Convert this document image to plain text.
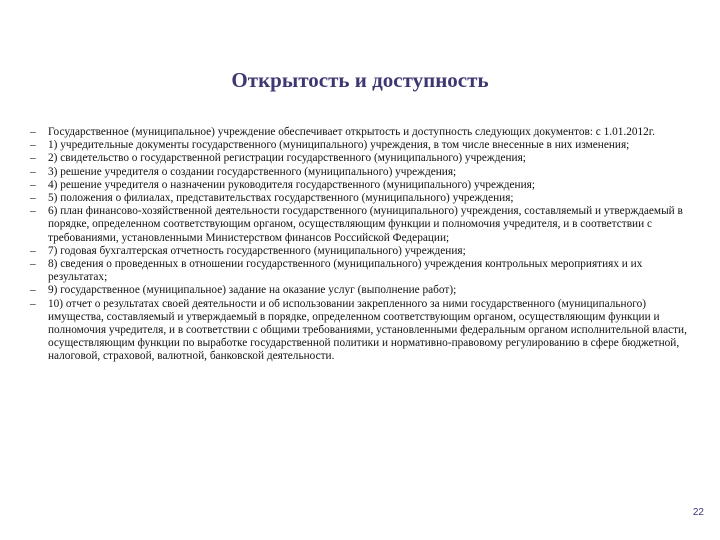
Открытость и доступность
–	Государственное (муниципальное) учреждение обеспечивает открытость и доступность следующих документов: с 1.01.2012г.
–	1) учредительные документы государственного (муниципального) учреждения, в том числе внесенные в них изменения;
–	2) свидетельство о государственной регистрации государственного (муниципального) учреждения;
–	3) решение учредителя о создании государственного (муниципального) учреждения;
–	4) решение учредителя о назначении руководителя государственного (муниципального) учреждения;
–	5) положения о филиалах, представительствах государственного (муниципального) учреждения;
–	6) план финансово-хозяйственной деятельности государственного (муниципального) учреждения, составляемый и утверждаемый в порядке, определенном соответствующим органом, осуществляющим функции и полномочия учредителя, и в соответствии с требованиями, установленными Министерством финансов Российской Федерации;
–	7) годовая бухгалтерская отчетность государственного (муниципального) учреждения;
–	8) сведения о проведенных в отношении государственного (муниципального) учреждения контрольных мероприятиях и их результатах;
–	9) государственное (муниципальное) задание на оказание услуг (выполнение работ);
–	10) отчет о результатах своей деятельности и об использовании закрепленного за ними государственного (муниципального) имущества, составляемый и утверждаемый в порядке, определенном соответствующим органом, осуществляющим функции и полномочия учредителя, и в соответствии с общими требованиями, установленными федеральным органом исполнительной власти, осуществляющим функции по выработке государственной политики и нормативно-правовому регулированию в сфере бюджетной, налоговой, страховой, валютной, банковской деятельности.
22
